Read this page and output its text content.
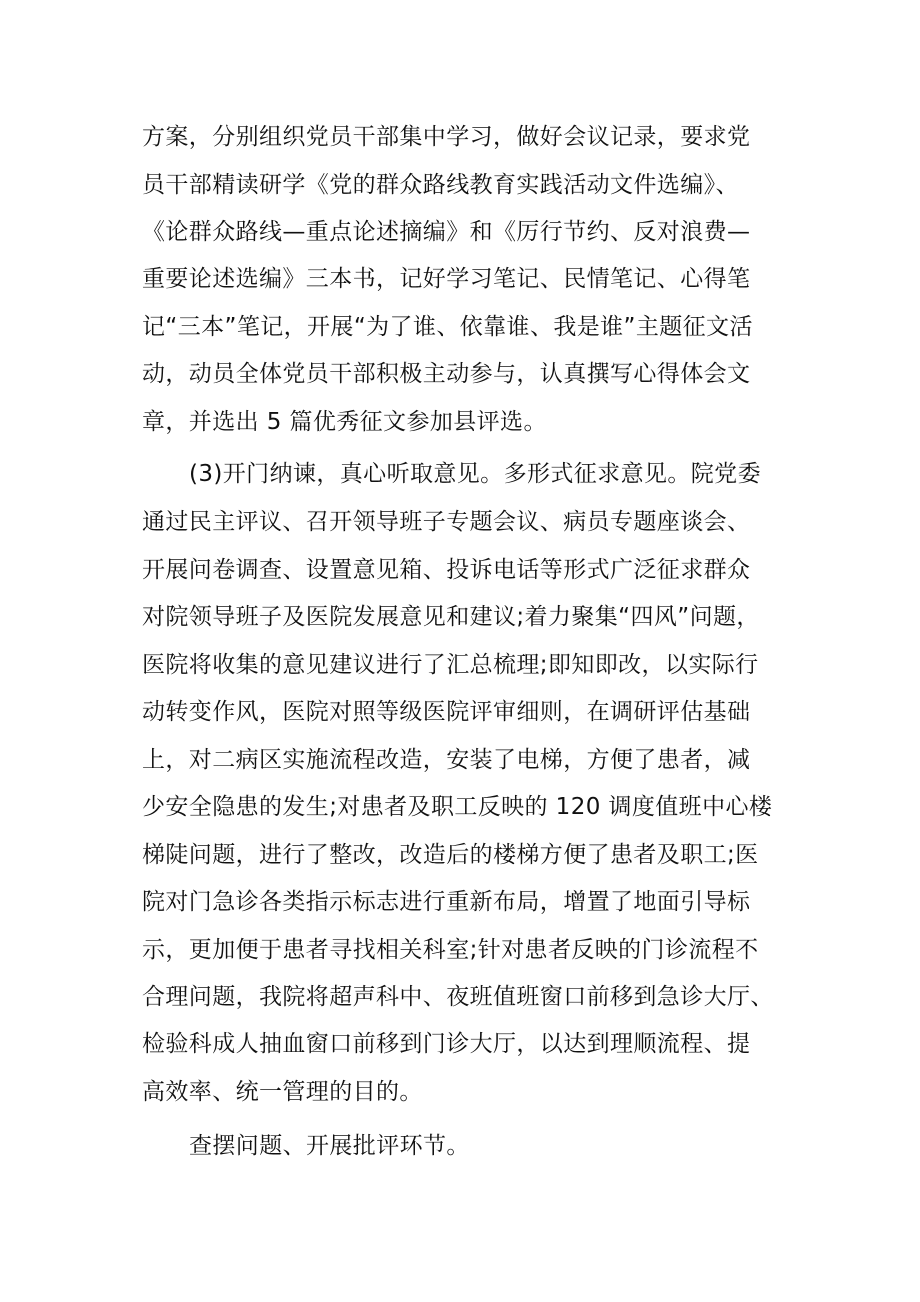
方案，分别组织党员干部集中学习，做好会议记录，要求党
员干部精读研学《党的群众路线教育实践活动文件选编》、
《论群众路线—重点论述摘编》和《厉行节约、反对浪费—
重要论述选编》三本书，记好学习笔记、民情笔记、心得笔
记“三本”笔记，开展“为了谁、依靠谁、我是谁”主题征文活
动，动员全体党员干部积极主动参与，认真撰写心得体会文
章，并选出 5 篇优秀征文参加县评选。
(3)开门纳谏，真心听取意见。多形式征求意见。院党委
通过民主评议、召开领导班子专题会议、病员专题座谈会、
开展问卷调查、设置意见箱、投诉电话等形式广泛征求群众
对院领导班子及医院发展意见和建议;着力聚集“四风”问题，
医院将收集的意见建议进行了汇总梳理;即知即改，以实际行
动转变作风，医院对照等级医院评审细则，在调研评估基础
上，对二病区实施流程改造，安装了电梯，方便了患者，减
少安全隐患的发生;对患者及职工反映的 120 调度值班中心楼
梯陡问题，进行了整改，改造后的楼梯方便了患者及职工;医
院对门急诊各类指示标志进行重新布局，增置了地面引导标
示，更加便于患者寻找相关科室;针对患者反映的门诊流程不
合理问题，我院将超声科中、夜班值班窗口前移到急诊大厅、
检验科成人抽血窗口前移到门诊大厅，以达到理顺流程、提
高效率、统一管理的目的。
查摆问题、开展批评环节。
